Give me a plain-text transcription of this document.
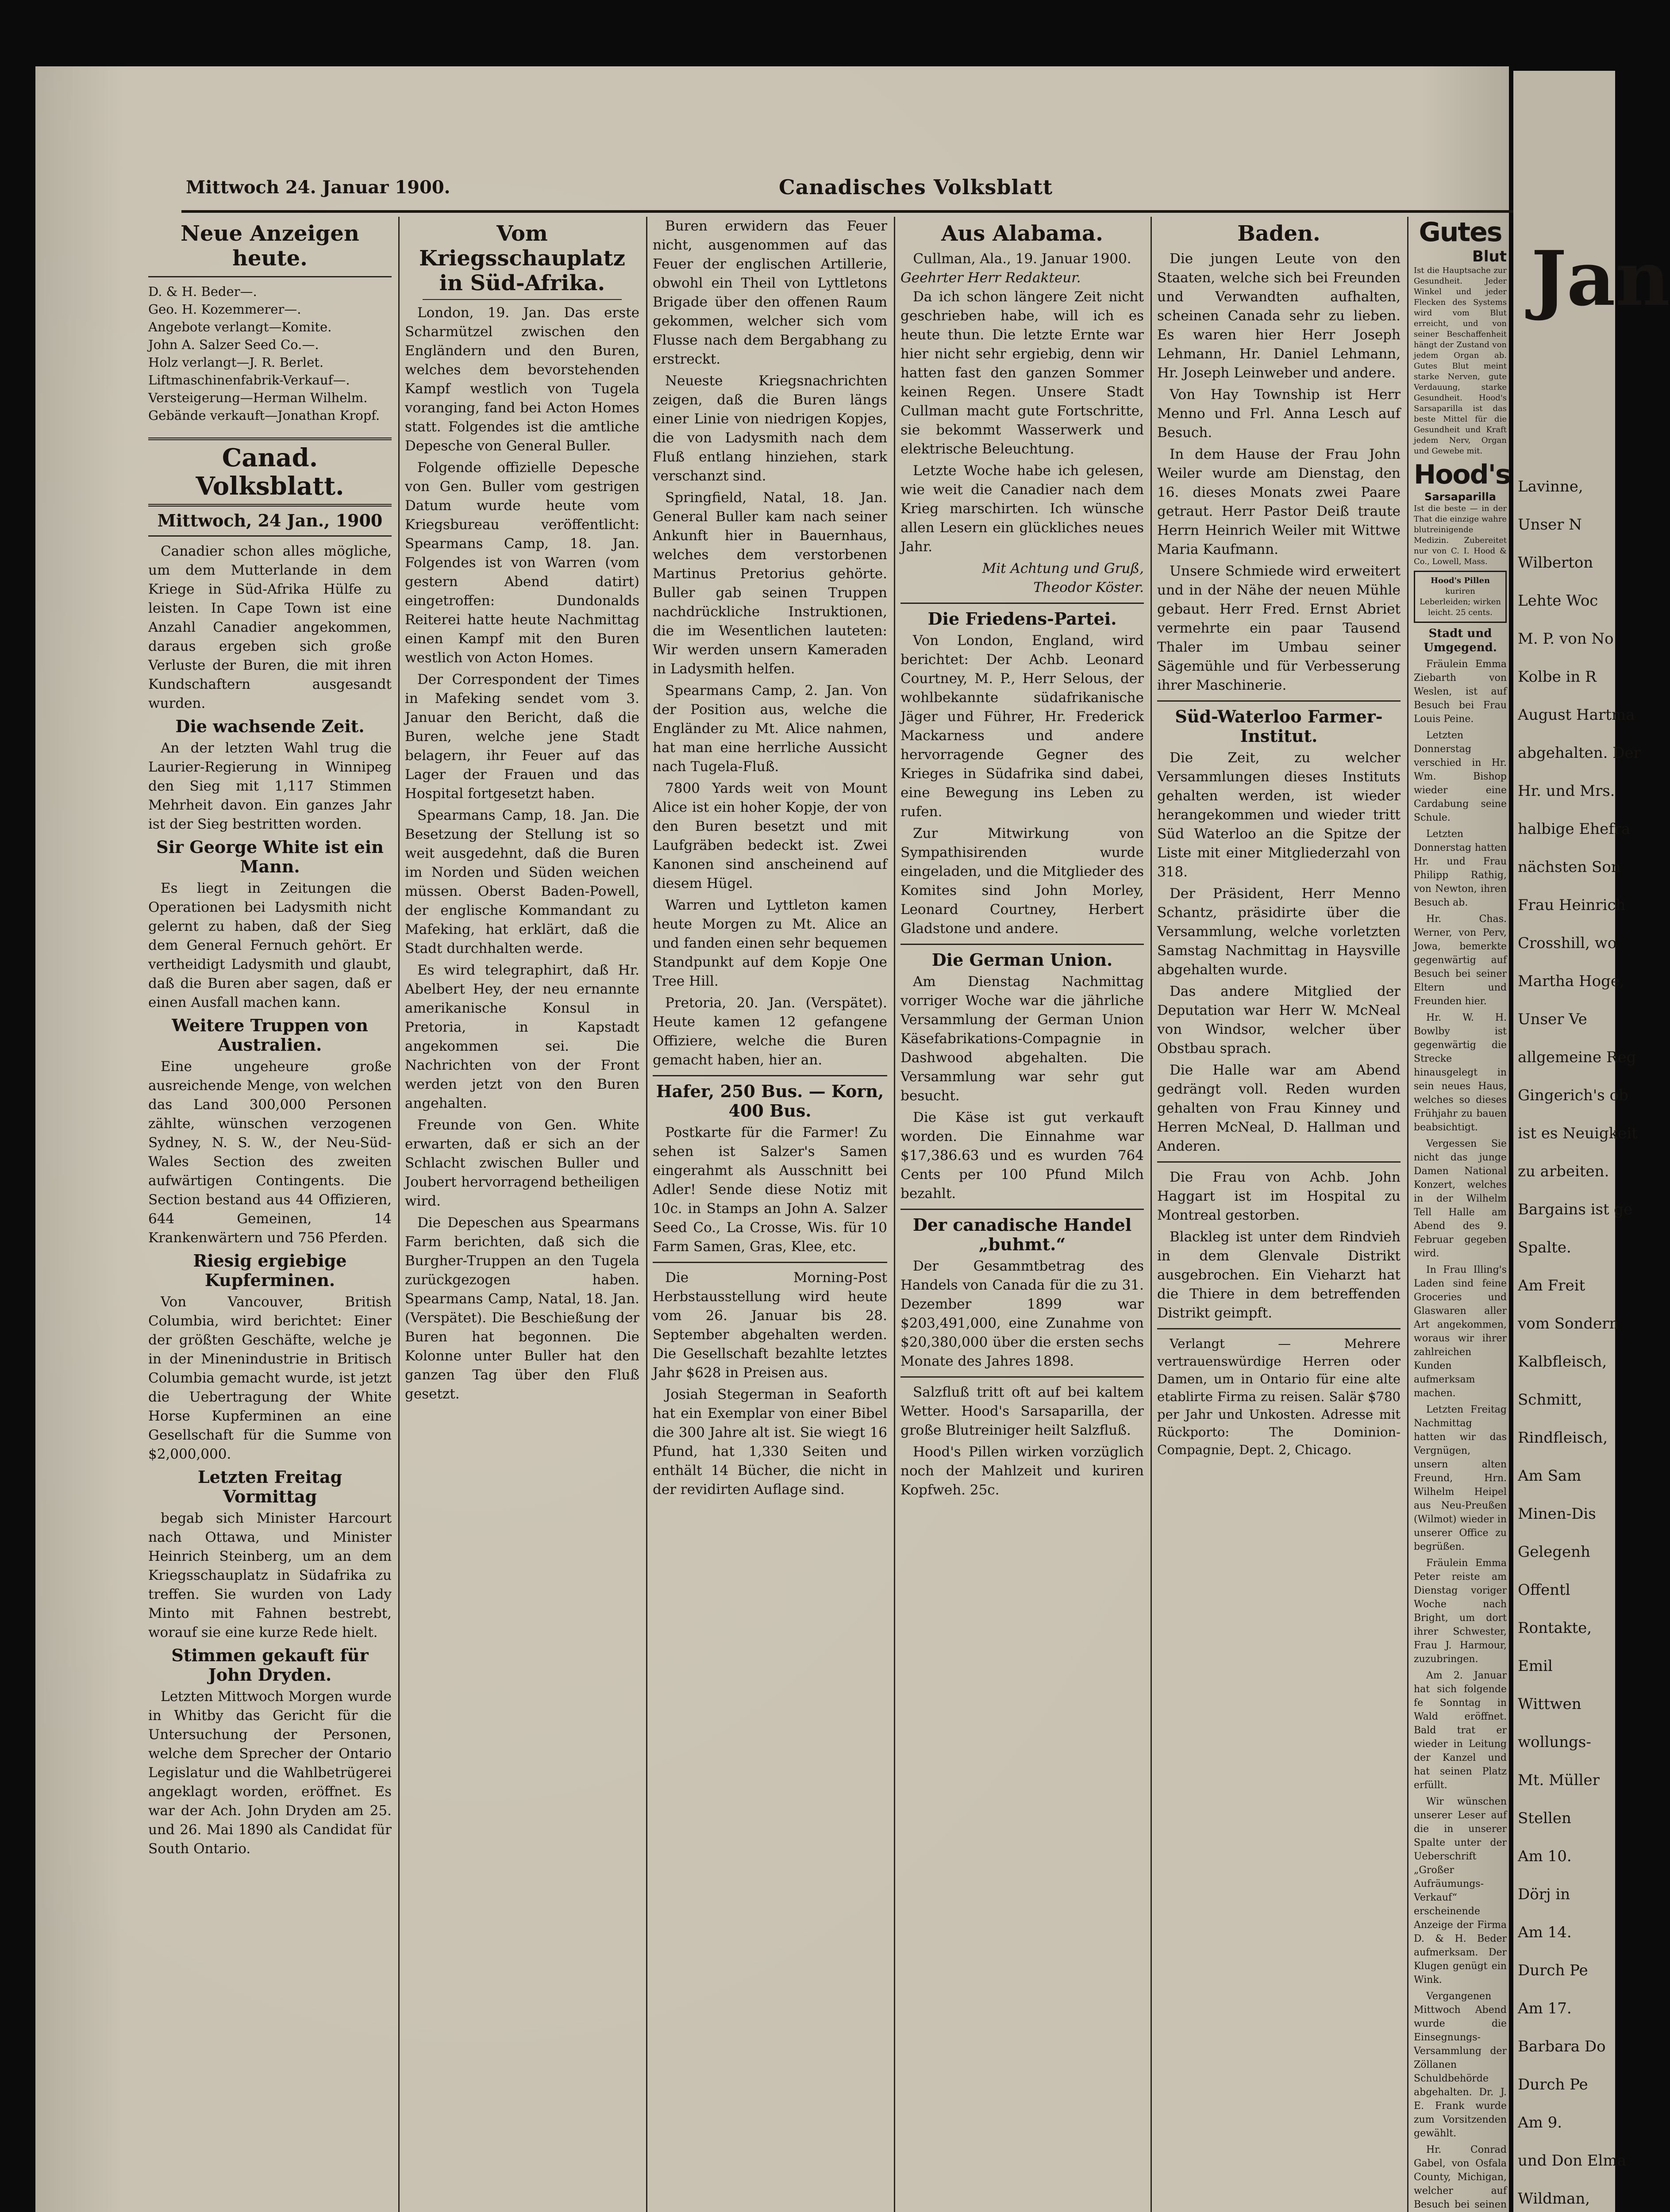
Mittwoch 24. Januar 1900.	Canadisches Volksblatt
Neue Anzeigen heute.
D. & H. Beder—.
Geo. H. Kozemmerer—.
Angebote verlangt—Komite.
John A. Salzer Seed Co.—.
Holz verlangt—J. R. Berlet.
Liftmaschinenfabrik-Verkauf—.
Versteigerung—Herman Wilhelm.
Gebände verkauft—Jonathan Kropf.
Canad. Volksblatt.
Mittwoch, 24 Jan., 1900

Canadier schon alles mögliche, um dem Mutterlande in dem Kriege in Süd-Afrika Hülfe zu leisten. In Cape Town ist eine Anzahl Canadier angekommen, daraus ergeben sich große Verluste der Buren, die mit ihren Kundschaftern ausgesandt wurden.

Die wachsende Zeit.

An der letzten Wahl trug die Laurier-Regierung in Winnipeg den Sieg mit 1,117 Stimmen Mehrheit davon. Ein ganzes Jahr ist der Sieg bestritten worden.

Sir George White ist ein Mann.

Es liegt in Zeitungen die Operationen bei Ladysmith nicht gelernt zu haben, daß der Sieg dem General Fernuch gehört. Er vertheidigt Ladysmith und glaubt, daß die Buren aber sagen, daß er einen Ausfall machen kann.

Weitere Truppen von Australien.

Eine ungeheure große ausreichende Menge, von welchen das Land 300,000 Personen zählte, wünschen verzogenen Sydney, N. S. W., der Neu-Süd-Wales Section des zweiten aufwärtigen Contingents. Die Section bestand aus 44 Offizieren, 644 Gemeinen, 14 Krankenwärtern und 756 Pferden.

Riesig ergiebige Kupferminen.

Von Vancouver, British Columbia, wird berichtet: Einer der größten Geschäfte, welche je in der Minenindustrie in Britisch Columbia gemacht wurde, ist jetzt die Uebertragung der White Horse Kupferminen an eine Gesellschaft für die Summe von $2,000,000.

Letzten Freitag Vormittag

begab sich Minister Harcourt nach Ottawa, und Minister Heinrich Steinberg, um an dem Kriegsschauplatz in Südafrika zu treffen. Sie wurden von Lady Minto mit Fahnen bestrebt, worauf sie eine kurze Rede hielt.

Stimmen gekauft für John Dryden.

Letzten Mittwoch Morgen wurde in Whitby das Gericht für die Untersuchung der Personen, welche dem Sprecher der Ontario Legislatur und die Wahlbetrügerei angeklagt worden, eröffnet. Es war der Ach. John Dryden am 25. und 26. Mai 1890 als Candidat für South Ontario.

Vom Kriegsschauplatz in Süd-Afrika.

London, 19. Jan. Das erste Scharmützel zwischen den Engländern und den Buren, welches dem bevorstehenden Kampf westlich von Tugela voranging, fand bei Acton Homes statt. Folgendes ist die amtliche Depesche von General Buller.

Folgende offizielle Depesche von Gen. Buller vom gestrigen Datum wurde heute vom Kriegsbureau veröffentlicht: Spearmans Camp, 18. Jan. Folgendes ist von Warren (vom gestern Abend datirt) eingetroffen: Dundonalds Reiterei hatte heute Nachmittag einen Kampf mit den Buren westlich von Acton Homes.

Der Correspondent der Times in Mafeking sendet vom 3. Januar den Bericht, daß die Buren, welche jene Stadt belagern, ihr Feuer auf das Lager der Frauen und das Hospital fortgesetzt haben.

Spearmans Camp, 18. Jan. Die Besetzung der Stellung ist so weit ausgedehnt, daß die Buren im Norden und Süden weichen müssen. Oberst Baden-Powell, der englische Kommandant zu Mafeking, hat erklärt, daß die Stadt durchhalten werde.

Es wird telegraphirt, daß Hr. Abelbert Hey, der neu ernannte amerikanische Konsul in Pretoria, in Kapstadt angekommen sei. Die Nachrichten von der Front werden jetzt von den Buren angehalten.

Freunde von Gen. White erwarten, daß er sich an der Schlacht zwischen Buller und Joubert hervorragend betheiligen wird.

Die Depeschen aus Spearmans Farm berichten, daß sich die Burgher-Truppen an den Tugela zurückgezogen haben. Spearmans Camp, Natal, 18. Jan. (Verspätet). Die Beschießung der Buren hat begonnen. Die Kolonne unter Buller hat den ganzen Tag über den Fluß gesetzt.

Buren erwidern das Feuer nicht, ausgenommen auf das Feuer der englischen Artillerie, obwohl ein Theil von Lyttletons Brigade über den offenen Raum gekommen, welcher sich vom Flusse nach dem Bergabhang zu erstreckt.

Neueste Kriegsnachrichten zeigen, daß die Buren längs einer Linie von niedrigen Kopjes, die von Ladysmith nach dem Fluß entlang hinziehen, stark verschanzt sind.

Springfield, Natal, 18. Jan. General Buller kam nach seiner Ankunft hier in Bauernhaus, welches dem verstorbenen Martinus Pretorius gehörte. Buller gab seinen Truppen nachdrückliche Instruktionen, die im Wesentlichen lauteten: Wir werden unsern Kameraden in Ladysmith helfen.

Spearmans Camp, 2. Jan. Von der Position aus, welche die Engländer zu Mt. Alice nahmen, hat man eine herrliche Aussicht nach Tugela-Fluß.

7800 Yards weit von Mount Alice ist ein hoher Kopje, der von den Buren besetzt und mit Laufgräben bedeckt ist. Zwei Kanonen sind anscheinend auf diesem Hügel.

Warren und Lyttleton kamen heute Morgen zu Mt. Alice an und fanden einen sehr bequemen Standpunkt auf dem Kopje One Tree Hill.

Pretoria, 20. Jan. (Verspätet). Heute kamen 12 gefangene Offiziere, welche die Buren gemacht haben, hier an.

Hafer, 250 Bus. — Korn, 400 Bus.

Postkarte für die Farmer! Zu sehen ist Salzer's Samen eingerahmt als Ausschnitt bei Adler! Sende diese Notiz mit 10c. in Stamps an John A. Salzer Seed Co., La Crosse, Wis. für 10 Farm Samen, Gras, Klee, etc.

Die Morning-Post Herbstausstellung wird heute vom 26. Januar bis 28. September abgehalten werden. Die Gesellschaft bezahlte letztes Jahr $628 in Preisen aus.

Josiah Stegerman in Seaforth hat ein Exemplar von einer Bibel die 300 Jahre alt ist. Sie wiegt 16 Pfund, hat 1,330 Seiten und enthält 14 Bücher, die nicht in der revidirten Auflage sind.

Aus Alabama.
Cullman, Ala., 19. Januar 1900.
Geehrter Herr Redakteur.

Da ich schon längere Zeit nicht geschrieben habe, will ich es heute thun. Die letzte Ernte war hier nicht sehr ergiebig, denn wir hatten fast den ganzen Sommer keinen Regen. Unsere Stadt Cullman macht gute Fortschritte, sie bekommt Wasserwerk und elektrische Beleuchtung.

Letzte Woche habe ich gelesen, wie weit die Canadier nach dem Krieg marschirten. Ich wünsche allen Lesern ein glückliches neues Jahr.

Mit Achtung und Gruß,
Theodor Köster.
Die Friedens-Partei.

Von London, England, wird berichtet: Der Achb. Leonard Courtney, M. P., Herr Selous, der wohlbekannte südafrikanische Jäger und Führer, Hr. Frederick Mackarness und andere hervorragende Gegner des Krieges in Südafrika sind dabei, eine Bewegung ins Leben zu rufen.

Zur Mitwirkung von Sympathisirenden wurde eingeladen, und die Mitglieder des Komites sind John Morley, Leonard Courtney, Herbert Gladstone und andere.

Die German Union.

Am Dienstag Nachmittag vorriger Woche war die jährliche Versammlung der German Union Käsefabrikations-Compagnie in Dashwood abgehalten. Die Versammlung war sehr gut besucht.

Die Käse ist gut verkauft worden. Die Einnahme war $17,386.63 und es wurden 764 Cents per 100 Pfund Milch bezahlt.

Der canadische Handel „buhmt.“

Der Gesammtbetrag des Handels von Canada für die zu 31. Dezember 1899 war $203,491,000, eine Zunahme von $20,380,000 über die ersten sechs Monate des Jahres 1898.

Salzfluß tritt oft auf bei kaltem Wetter. Hood's Sarsaparilla, der große Blutreiniger heilt Salzfluß.

Hood's Pillen wirken vorzüglich noch der Mahlzeit und kuriren Kopfweh. 25c.

Baden.

Die jungen Leute von den Staaten, welche sich bei Freunden und Verwandten aufhalten, scheinen Canada sehr zu lieben. Es waren hier Herr Joseph Lehmann, Hr. Daniel Lehmann, Hr. Joseph Leinweber und andere.

Von Hay Township ist Herr Menno und Frl. Anna Lesch auf Besuch.

In dem Hause der Frau John Weiler wurde am Dienstag, den 16. dieses Monats zwei Paare getraut. Herr Pastor Deiß traute Herrn Heinrich Weiler mit Wittwe Maria Kaufmann.

Unsere Schmiede wird erweitert und in der Nähe der neuen Mühle gebaut. Herr Fred. Ernst Abriet vermehrte ein paar Tausend Thaler im Umbau seiner Sägemühle und für Verbesserung ihrer Maschinerie.

Süd-Waterloo Farmer-Institut.

Die Zeit, zu welcher Versammlungen dieses Instituts gehalten werden, ist wieder herangekommen und wieder tritt Süd Waterloo an die Spitze der Liste mit einer Mitgliederzahl von 318.

Der Präsident, Herr Menno Schantz, präsidirte über die Versammlung, welche vorletzten Samstag Nachmittag in Haysville abgehalten wurde.

Das andere Mitglied der Deputation war Herr W. McNeal von Windsor, welcher über Obstbau sprach.

Die Halle war am Abend gedrängt voll. Reden wurden gehalten von Frau Kinney und Herren McNeal, D. Hallman und Anderen.

Die Frau von Achb. John Haggart ist im Hospital zu Montreal gestorben.

Blackleg ist unter dem Rindvieh in dem Glenvale Distrikt ausgebrochen. Ein Vieharzt hat die Thiere in dem betreffenden Distrikt geimpft.

Verlangt — Mehrere vertrauenswürdige Herren oder Damen, um in Ontario für eine alte etablirte Firma zu reisen. Salär $780 per Jahr und Unkosten. Adresse mit Rückporto: The Dominion-Compagnie, Dept. 2, Chicago.

Gutes
Blut
Ist die Hauptsache zur Gesundheit. Jeder Winkel und jeder Flecken des Systems wird vom Blut erreicht, und von seiner Beschaffenheit hängt der Zustand von jedem Organ ab. Gutes Blut meint starke Nerven, gute Verdauung, starke Gesundheit. Hood's Sarsaparilla ist das beste Mittel für die Gesundheit und Kraft jedem Nerv, Organ und Gewebe mit.
Hood's
Sarsaparilla
Ist die beste — in der That die einzige wahre blutreinigende Medizin. Zubereitet nur von C. I. Hood & Co., Lowell, Mass.
Hood's Pillen kuriren Leberleiden; wirken leicht. 25 cents.
Stadt und Umgegend.

Fräulein Emma Ziebarth von Weslen, ist auf Besuch bei Frau Louis Peine.

Letzten Donnerstag verschied in Hr. Wm. Bishop wieder eine Cardabung seine Schule.

Letzten Donnerstag hatten Hr. und Frau Philipp Rathig, von Newton, ihren Besuch ab.

Hr. Chas. Werner, von Perv, Jowa, bemerkte gegenwärtig auf Besuch bei seiner Eltern und Freunden hier.

Hr. W. H. Bowlby ist gegenwärtig die Strecke hinausgelegt in sein neues Haus, welches so dieses Frühjahr zu bauen beabsichtigt.

Vergessen Sie nicht das junge Damen National Konzert, welches in der Wilhelm Tell Halle am Abend des 9. Februar gegeben wird.

In Frau Illing's Laden sind feine Groceries und Glaswaren aller Art angekommen, woraus wir ihrer zahlreichen Kunden aufmerksam machen.

Letzten Freitag Nachmittag hatten wir das Vergnügen, unsern alten Freund, Hrn. Wilhelm Heipel aus Neu-Preußen (Wilmot) wieder in unserer Office zu begrüßen.

Fräulein Emma Peter reiste am Dienstag voriger Woche nach Bright, um dort ihrer Schwester, Frau J. Harmour, zuzubringen.

Am 2. Januar hat sich folgende fe Sonntag in Wald eröffnet. Bald trat er wieder in Leitung der Kanzel und hat seinen Platz erfüllt.

Wir wünschen unserer Leser auf die in unserer Spalte unter der Ueberschrift „Großer Aufräumungs-Verkauf“ erscheinende Anzeige der Firma D. & H. Beder aufmerksam. Der Klugen genügt ein Wink.

Vergangenen Mittwoch Abend wurde die Einsegnungs-Versammlung der Zöllanen Schuldbehörde abgehalten. Dr. J. E. Frank wurde zum Vorsitzenden gewählt.

Hr. Conrad Gabel, von Osfala County, Michigan, welcher auf Besuch bei seinen

Jan
Lavinne,
Unser N
Wilberton
Lehte Woc
M. P. von No
Kolbe in R
August Hartma
abgehalten. Der
Hr. und Mrs.
halbige Ehefra
nächsten Son
Frau Heinrich
Crosshill, wo
Martha Hoge,
Unser Ve
allgemeine Reg
Gingerich's ob
ist es Neuigkeit
zu arbeiten.
Bargains ist ge
Spalte.
Am Freit
vom Sondern
Kalbfleisch,
Schmitt,
Rindfleisch,
Am Sam
Minen-Dis
Gelegenh
Offentl
Rontakte,
Emil
Wittwen
wollungs-
Mt. Müller
Stellen
Am 10.
Dörj in
Am 14.
Durch Pe
Am 17.
Barbara Do
Durch Pe
Am 9.
und Don Elma
Wildman,
